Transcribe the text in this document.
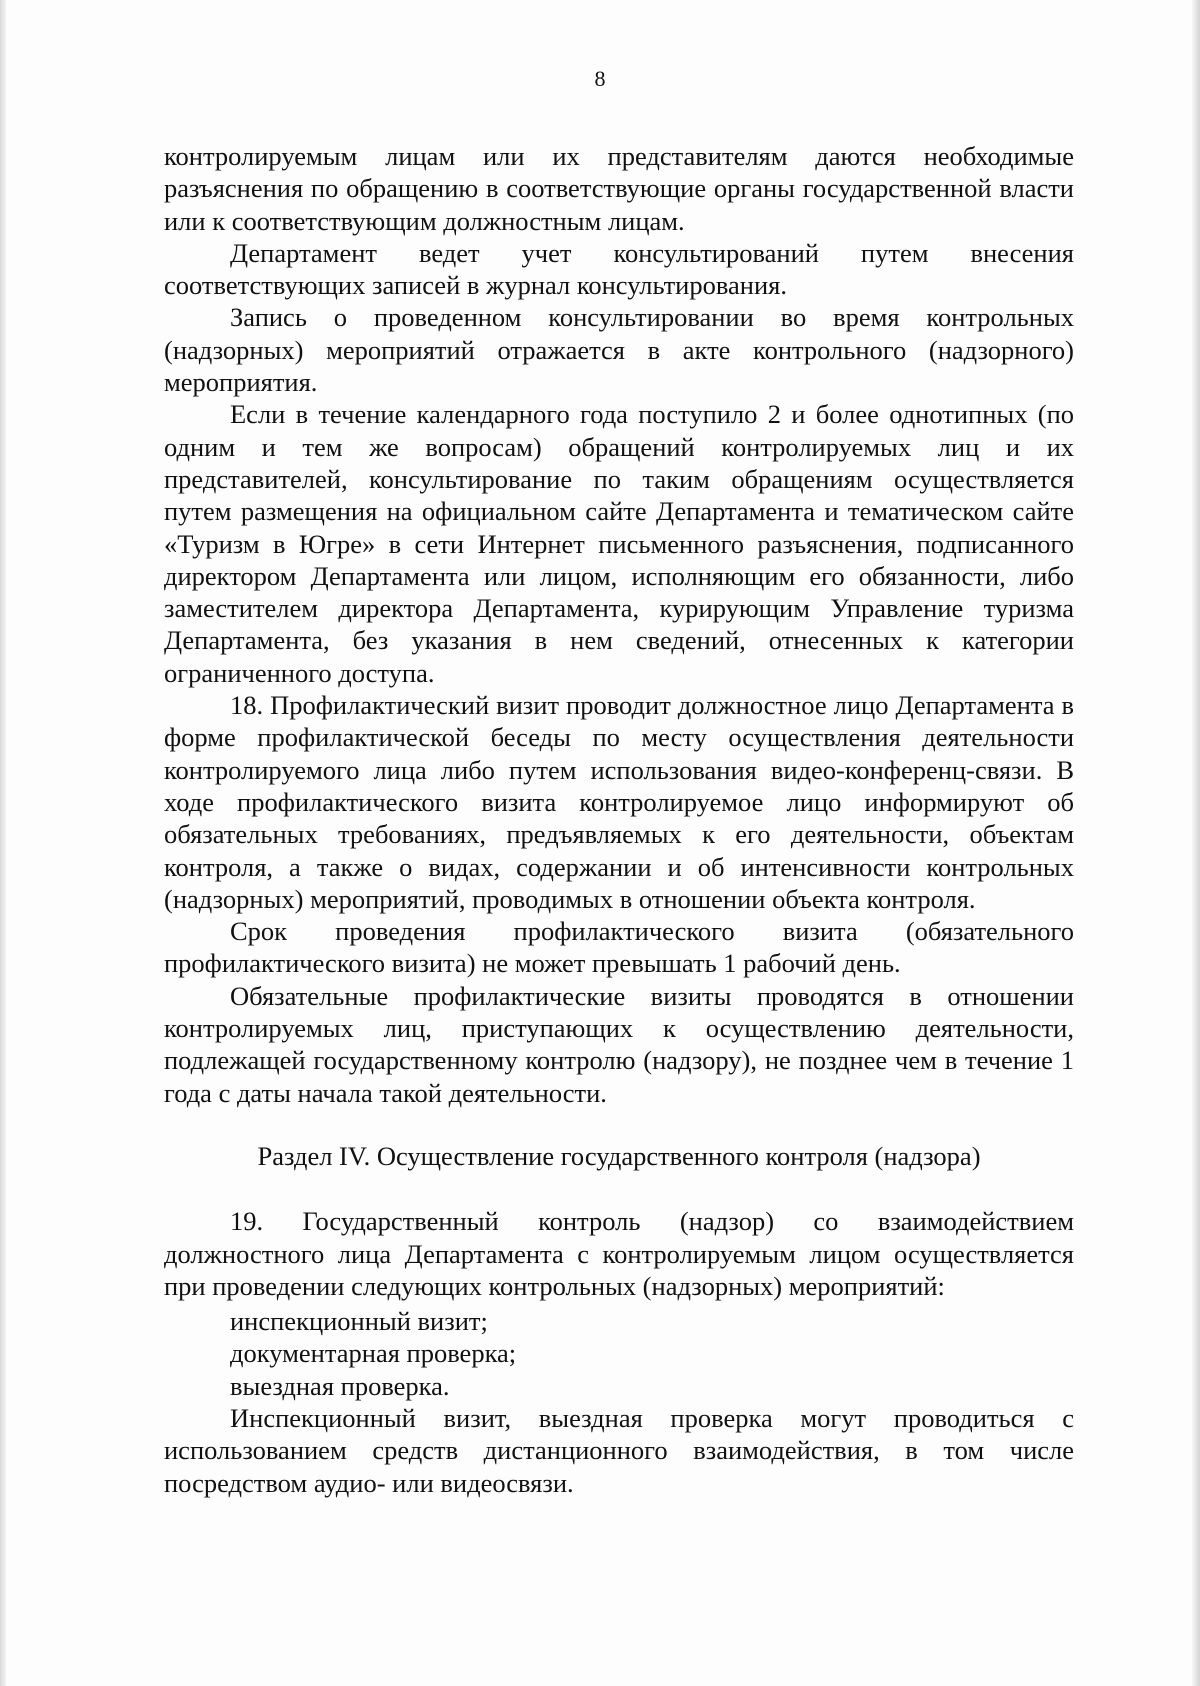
8

контролируемым лицам или их представителям даются необходимые разъяснения по обращению в соответствующие органы государственной власти или к соответствующим должностным лицам.

Департамент ведет учет консультирований путем внесения соответствующих записей в журнал консультирования.

Запись о проведенном консультировании во время контрольных (надзорных) мероприятий отражается в акте контрольного (надзорного) мероприятия.

Если в течение календарного года поступило 2 и более однотипных (по одним и тем же вопросам) обращений контролируемых лиц и их представителей, консультирование по таким обращениям осуществляется путем размещения на официальном сайте Департамента и тематическом сайте «Туризм в Югре» в сети Интернет письменного разъяснения, подписанного директором Департамента или лицом, исполняющим его обязанности, либо заместителем директора Департамента, курирующим Управление туризма Департамента, без указания в нем сведений, отнесенных к категории ограниченного доступа.

18. Профилактический визит проводит должностное лицо Департамента в форме профилактической беседы по месту осуществления деятельности контролируемого лица либо путем использования видео-конференц-связи. В ходе профилактического визита контролируемое лицо информируют об обязательных требованиях, предъявляемых к его деятельности, объектам контроля, а также о видах, содержании и об интенсивности контрольных (надзорных) мероприятий, проводимых в отношении объекта контроля.

Срок проведения профилактического визита (обязательного профилактического визита) не может превышать 1 рабочий день.

Обязательные профилактические визиты проводятся в отношении контролируемых лиц, приступающих к осуществлению деятельности, подлежащей государственному контролю (надзору), не позднее чем в течение 1 года с даты начала такой деятельности.

Раздел IV. Осуществление государственного контроля (надзора)

19. Государственный контроль (надзор) со взаимодействием должностного лица Департамента с контролируемым лицом осуществляется при проведении следующих контрольных (надзорных) мероприятий:

инспекционный визит;

документарная проверка;

выездная проверка.

Инспекционный визит, выездная проверка могут проводиться с использованием средств дистанционного взаимодействия, в том числе посредством аудио- или видеосвязи.
